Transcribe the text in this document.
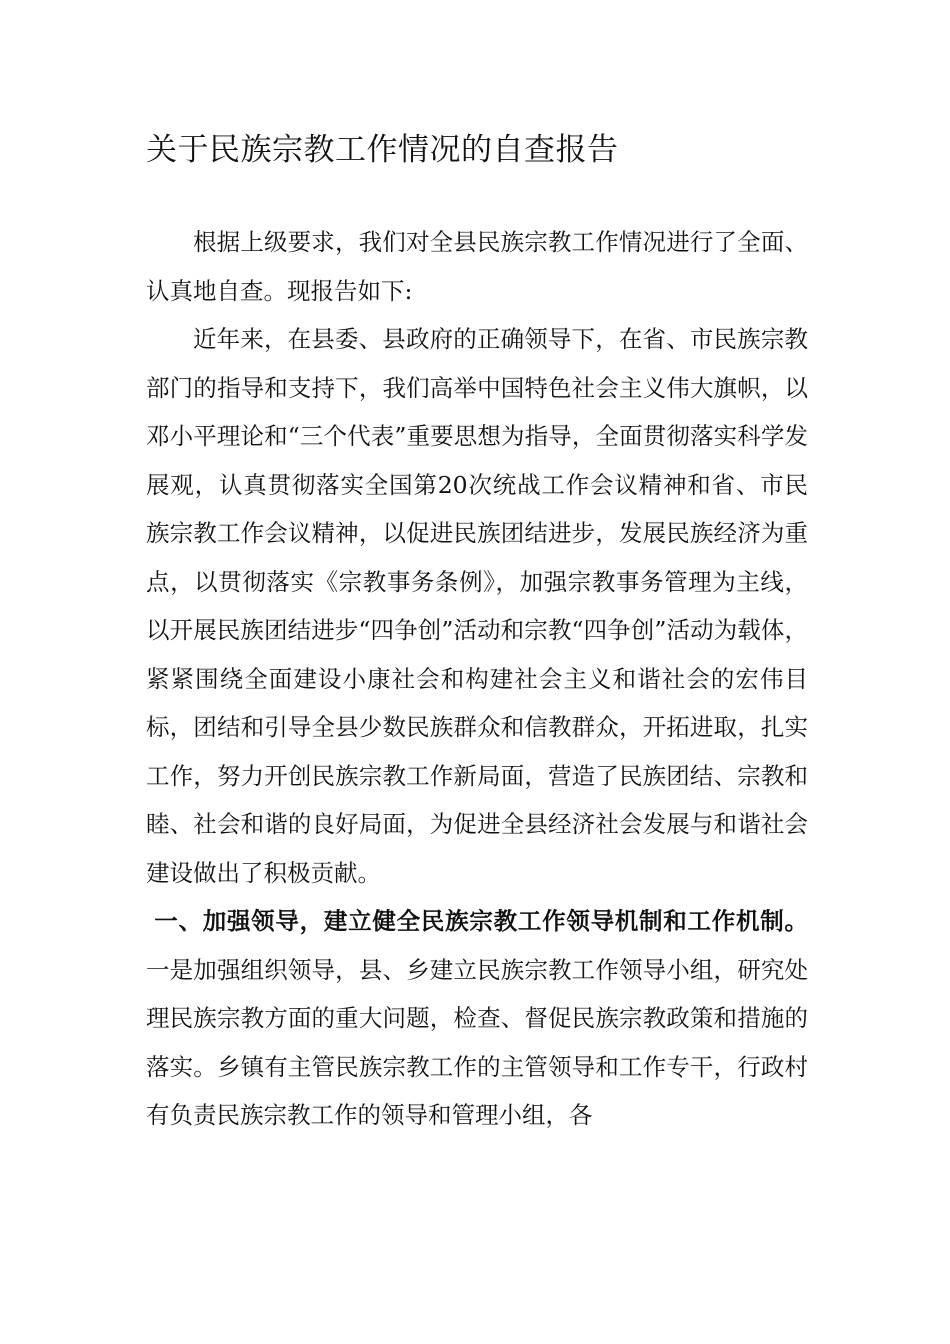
关于民族宗教工作情况的自查报告

根据上级要求，我们对全县民族宗教工作情况进行了全面、认真地自查。现报告如下:

近年来，在县委、县政府的正确领导下，在省、市民族宗教部门的指导和支持下，我们高举中国特色社会主义伟大旗帜，以邓小平理论和“三个代表”重要思想为指导，全面贯彻落实科学发展观，认真贯彻落实全国第20次统战工作会议精神和省、市民族宗教工作会议精神，以促进民族团结进步，发展民族经济为重点，以贯彻落实《宗教事务条例》，加强宗教事务管理为主线，以开展民族团结进步“四争创”活动和宗教“四争创”活动为载体，紧紧围绕全面建设小康社会和构建社会主义和谐社会的宏伟目标，团结和引导全县少数民族群众和信教群众，开拓进取，扎实工作，努力开创民族宗教工作新局面，营造了民族团结、宗教和睦、社会和谐的良好局面，为促进全县经济社会发展与和谐社会建设做出了积极贡献。

一、加强领导，建立健全民族宗教工作领导机制和工作机制。一是加强组织领导，县、乡建立民族宗教工作领导小组，研究处理民族宗教方面的重大问题，检查、督促民族宗教政策和措施的落实。乡镇有主管民族宗教工作的主管领导和工作专干，行政村有负责民族宗教工作的领导和管理小组，各
